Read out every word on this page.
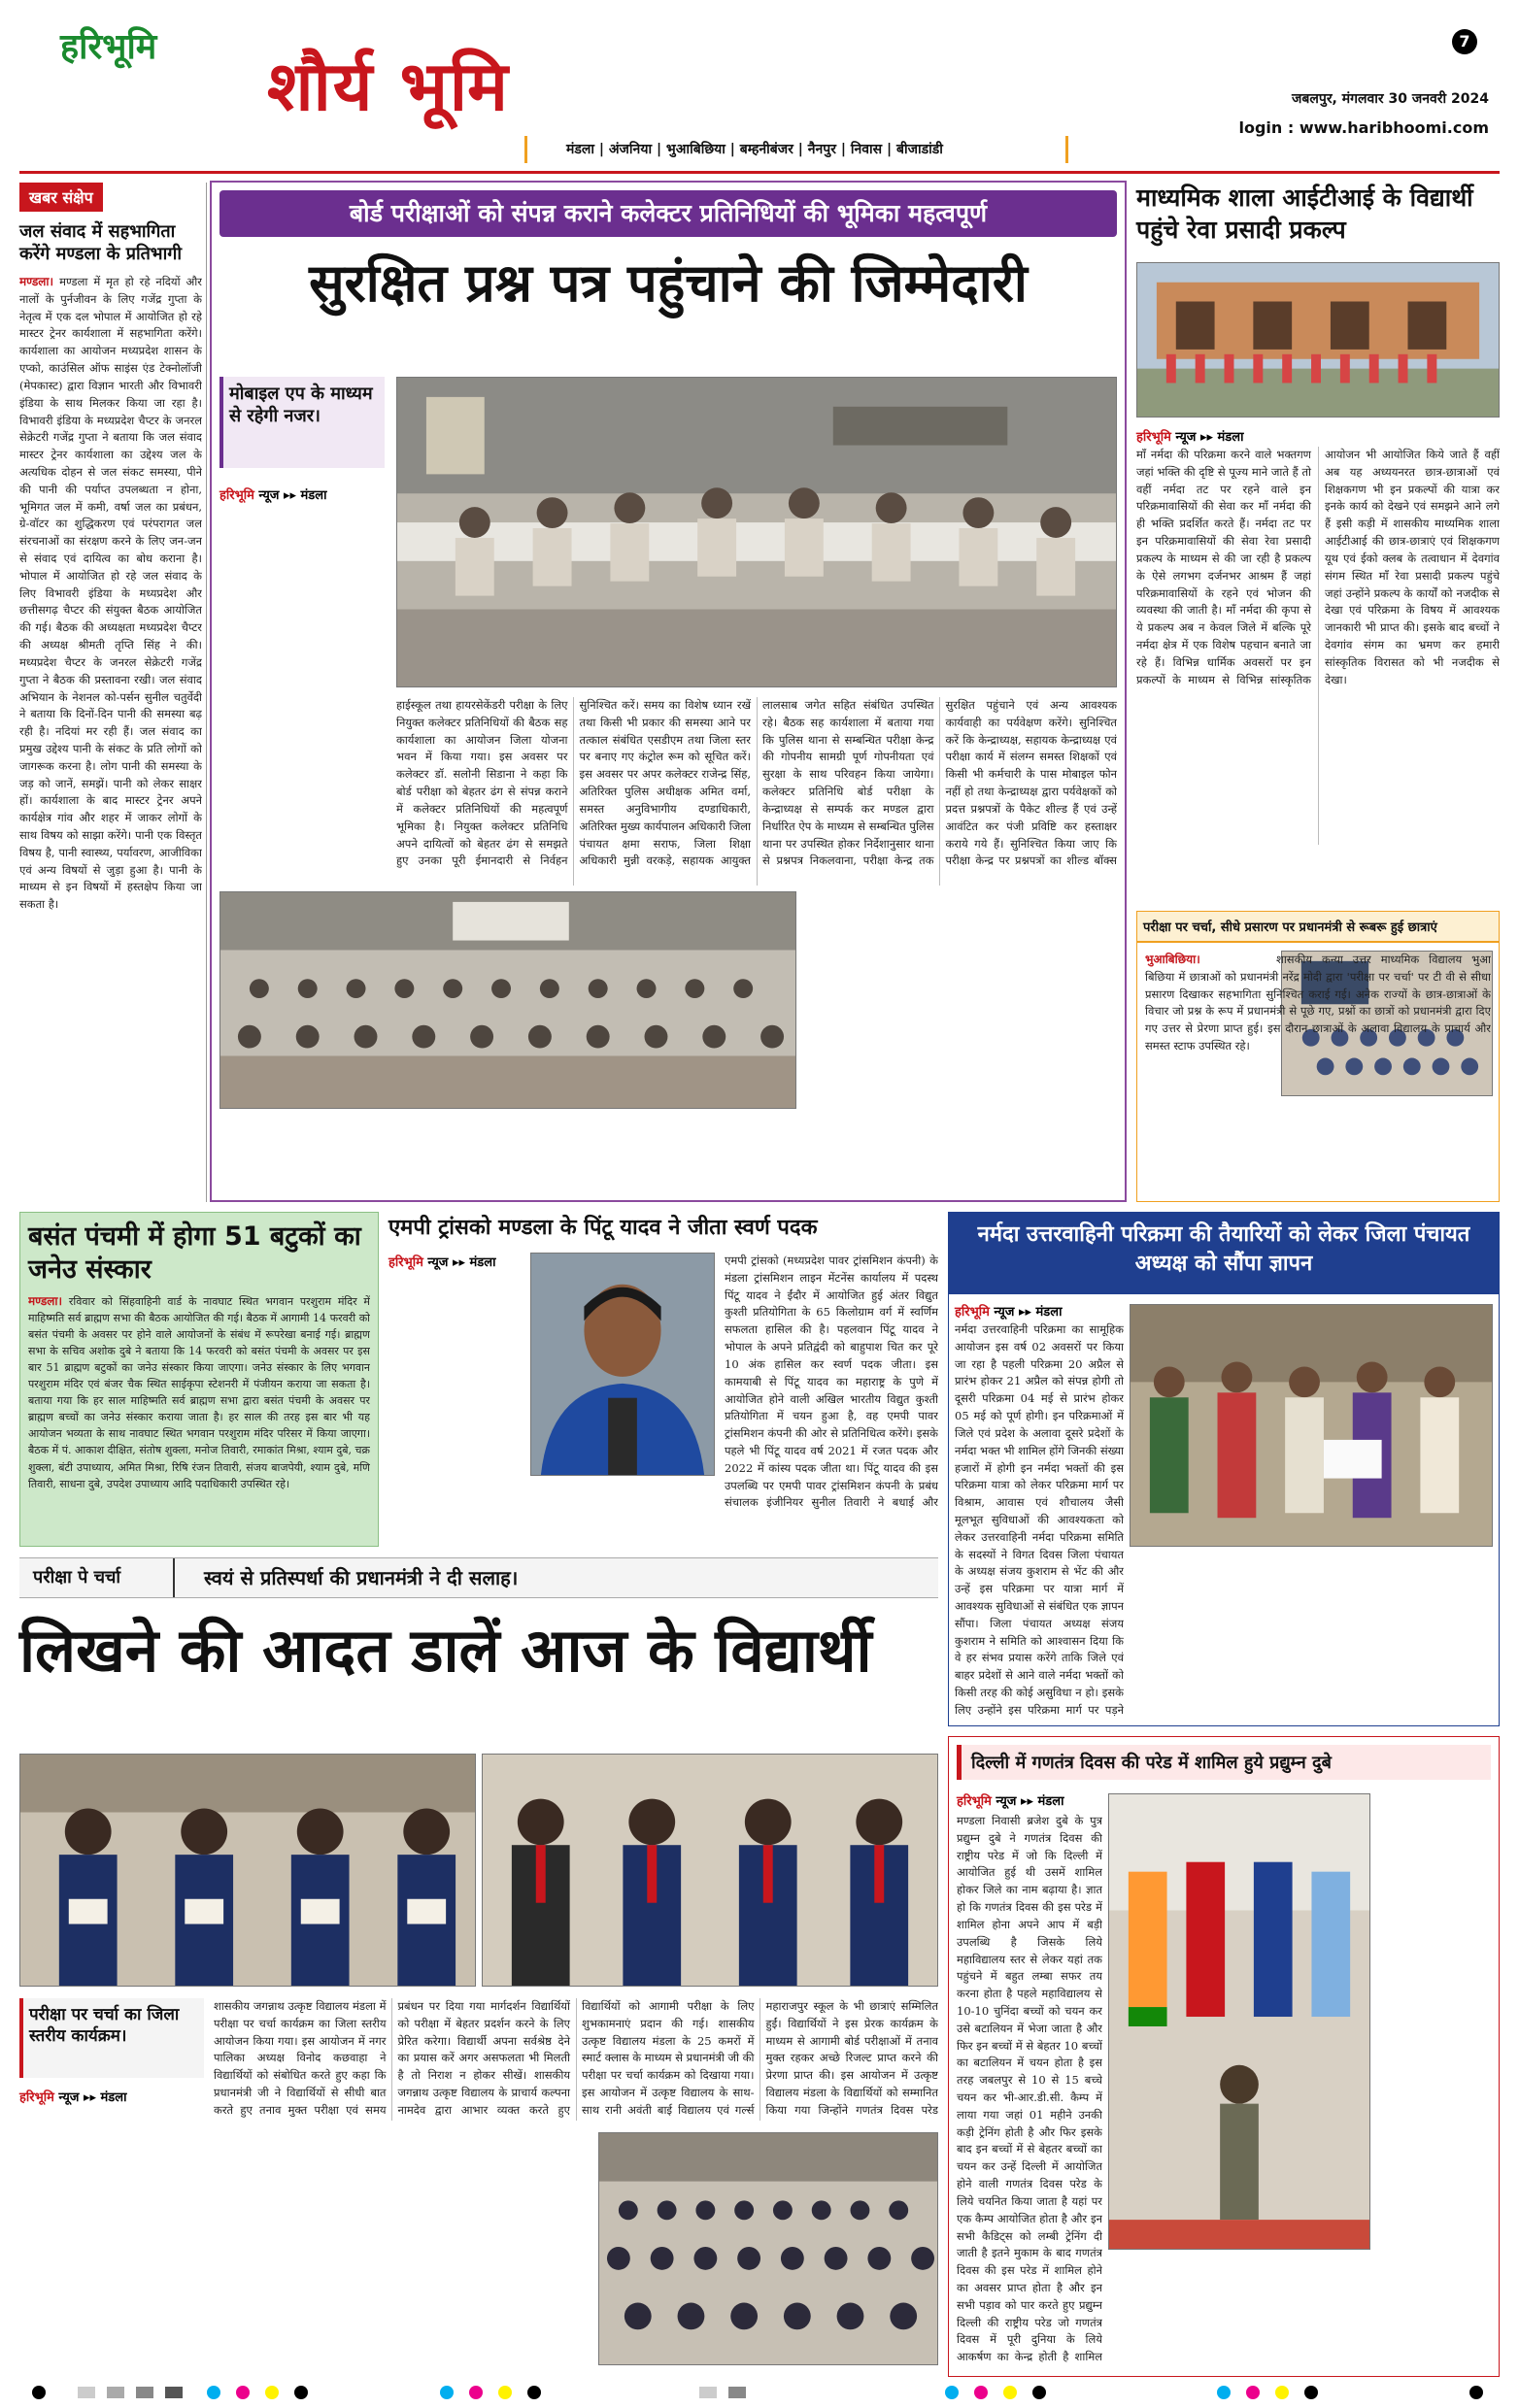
हरिभूमि शौर्य भूमि
7
जबलपुर, मंगलवार 30 जनवरी 2024
login : www.haribhoomi.com
मंडला | अंजनिया | भुआबिछिया | बम्हनीबंजर | नैनपुर | निवास | बीजाडांडी
खबर संक्षेप
जल संवाद में सहभागिता करेंगे मण्डला के प्रतिभागी
मण्डला। मण्डला में मृत हो रहे नदियों और नालों के पुर्नजीवन के लिए गजेंद्र गुप्ता के नेतृत्व में एक दल भोपाल में आयोजित हो रहे मास्टर ट्रेनर कार्यशाला में सहभागिता करेंगे। कार्यशाला का आयोजन मध्यप्रदेश शासन के एप्को, काउंसिल ऑफ साइंस एंड टेक्नोलॉजी (मेपकास्ट) द्वारा विज्ञान भारती और विभावरी इंडिया के साथ मिलकर किया जा रहा है। विभावरी इंडिया के मध्यप्रदेश चैप्टर के जनरल सेक्रेटरी गजेंद्र गुप्ता ने बताया कि जल संवाद मास्टर ट्रेनर कार्यशाला का उद्देश्य जल के अत्यधिक दोहन से जल संकट समस्या, पीने की पानी की पर्याप्त उपलब्धता न होना, भूमिगत जल में कमी, वर्षा जल का प्रबंधन, ग्रे-वॉटर का शुद्धिकरण एवं परंपरागत जल संरचनाओं का संरक्षण करने के लिए जन-जन से संवाद एवं दायित्व का बोध कराना है। भोपाल में आयोजित हो रहे जल संवाद के लिए विभावरी इंडिया के मध्यप्रदेश और छत्तीसगढ़ चैप्टर की संयुक्त बैठक आयोजित की गई। बैठक की अध्यक्षता मध्यप्रदेश चैप्टर की अध्यक्ष श्रीमती तृप्ति सिंह ने की। मध्यप्रदेश चैप्टर के जनरल सेक्रेटरी गजेंद्र गुप्ता ने बैठक की प्रस्तावना रखी। जल संवाद अभियान के नेशनल को-पर्सन सुनील चतुर्वेदी ने बताया कि दिनों-दिन पानी की समस्या बढ़ रही है। नदियां मर रही हैं। जल संवाद का प्रमुख उद्देश्य पानी के संकट के प्रति लोगों को जागरूक करना है। लोग पानी की समस्या के जड़ को जानें, समझें। पानी को लेकर साक्षर हों। कार्यशाला के बाद मास्टर ट्रेनर अपने कार्यक्षेत्र गांव और शहर में जाकर लोगों के साथ विषय को साझा करेंगे। पानी एक विस्तृत विषय है, पानी स्वास्थ्य, पर्यावरण, आजीविका एवं अन्य विषयों से जुड़ा हुआ है। पानी के माध्यम से इन विषयों में हस्तक्षेप किया जा सकता है।
बोर्ड परीक्षाओं को संपन्न कराने कलेक्टर प्रतिनिधियों की भूमिका महत्वपूर्ण
सुरक्षित प्रश्न पत्र पहुंचाने की जिम्मेदारी
मोबाइल एप के माध्यम से रहेगी नजर।
हरिभूमि न्यूज ▸▸ मंडला
हाईस्कूल तथा हायरसेकेंडरी परीक्षा के लिए नियुक्त कलेक्टर प्रतिनिधियों की बैठक सह कार्यशाला का आयोजन जिला योजना भवन में किया गया। इस अवसर पर कलेक्टर डॉ. सलोनी सिडाना ने कहा कि बोर्ड परीक्षा को बेहतर ढंग से संपन्न कराने में कलेक्टर प्रतिनिधियों की महत्वपूर्ण भूमिका है। नियुक्त कलेक्टर प्रतिनिधि अपने दायित्वों को बेहतर ढंग से समझते हुए उनका पूरी ईमानदारी से निर्वहन सुनिश्चित करें। समय का विशेष ध्यान रखें तथा किसी भी प्रकार की समस्या आने पर तत्काल संबंधित एसडीएम तथा जिला स्तर पर बनाए गए कंट्रोल रूम को सूचित करें। इस अवसर पर अपर कलेक्टर राजेन्द्र सिंह, अतिरिक्त पुलिस अधीक्षक अमित वर्मा, समस्त अनुविभागीय दण्डाधिकारी, अतिरिक्त मुख्य कार्यपालन अधिकारी जिला पंचायत क्षमा सराफ, जिला शिक्षा अधिकारी मुन्नी वरकड़े, सहायक आयुक्त लालसाब जगेत सहित संबंधित उपस्थित रहे। बैठक सह कार्यशाला में बताया गया कि पुलिस थाना से सम्बन्धित परीक्षा केन्द्र की गोपनीय सामग्री पूर्ण गोपनीयता एवं सुरक्षा के साथ परिवहन किया जायेगा। कलेक्टर प्रतिनिधि बोर्ड परीक्षा के केन्द्राध्यक्ष से सम्पर्क कर मण्डल द्वारा निर्धारित ऐप के माध्यम से सम्बन्धित पुलिस थाना पर उपस्थित होकर निर्देशानुसार थाना से प्रश्नपत्र निकलवाना, परीक्षा केन्द्र तक सुरक्षित पहुंचाने एवं अन्य आवश्यक कार्यवाही का पर्यवेक्षण करेंगे। सुनिश्चित करें कि केन्द्राध्यक्ष, सहायक केन्द्राध्यक्ष एवं परीक्षा कार्य में संलग्न समस्त शिक्षकों एवं किसी भी कर्मचारी के पास मोबाइल फोन नहीं हो तथा केन्द्राध्यक्ष द्वारा पर्यवेक्षकों को प्रदत्त प्रश्नपत्रों के पैकेट शील्ड हैं एवं उन्हें आवंटित कर पंजी प्रविष्टि कर हस्ताक्षर कराये गये हैं। सुनिश्चित किया जाए कि परीक्षा केन्द्र पर प्रश्नपत्रों का शील्ड बॉक्स
माध्यमिक शाला आईटीआई के विद्यार्थी पहुंचे रेवा प्रसादी प्रकल्प
हरिभूमि न्यूज ▸▸ मंडला
माँ नर्मदा की परिक्रमा करने वाले भक्तगण जहां भक्ति की दृष्टि से पूज्य माने जाते हैं तो वहीं नर्मदा तट पर रहने वाले इन परिक्रमावासियों की सेवा कर माँ नर्मदा की ही भक्ति प्रदर्शित करते हैं। नर्मदा तट पर इन परिक्रमावासियों की सेवा रेवा प्रसादी प्रकल्प के माध्यम से की जा रही है प्रकल्प के ऐसे लगभग दर्जनभर आश्रम हैं जहां परिक्रमावासियों के रहने एवं भोजन की व्यवस्था की जाती है। माँ नर्मदा की कृपा से ये प्रकल्प अब न केवल जिले में बल्कि पूरे नर्मदा क्षेत्र में एक विशेष पहचान बनाते जा रहे हैं। विभिन्न धार्मिक अवसरों पर इन प्रकल्पों के माध्यम से विभिन्न सांस्कृतिक आयोजन भी आयोजित किये जाते हैं वहीं अब यह अध्ययनरत छात्र-छात्राओं एवं शिक्षकगण भी इन प्रकल्पों की यात्रा कर इनके कार्य को देखने एवं समझने आने लगे हैं इसी कड़ी में शासकीय माध्यमिक शाला आईटीआई की छात्र-छात्राएं एवं शिक्षकगण यूथ एवं ईको क्लब के तत्वाधान में देवगांव संगम स्थित माँ रेवा प्रसादी प्रकल्प पहुंचे जहां उन्होंने प्रकल्प के कार्यों को नजदीक से देखा एवं परिक्रमा के विषय में आवश्यक जानकारी भी प्राप्त की। इसके बाद बच्चों ने देवगांव संगम का भ्रमण कर हमारी सांस्कृतिक विरासत को भी नजदीक से देखा।
परीक्षा पर चर्चा, सीधे प्रसारण पर प्रधानमंत्री से रूबरू हुई छात्राएं
भुआबिछिया।	शासकीय कन्या उत्तर माध्यमिक विद्यालय भुआ बिछिया में छात्राओं को प्रधानमंत्री नरेंद्र मोदी द्वारा 'परीक्षा पर चर्चा' पर टी वी से सीधा प्रसारण दिखाकर सहभागिता सुनिश्चित कराई गई। अनेक राज्यों के छात्र-छात्राओं के विचार जो प्रश्न के रूप में प्रधानमंत्री से पूछे गए, प्रश्नों का छात्रों को प्रधानमंत्री द्वारा दिए गए उत्तर से प्रेरणा प्राप्त हुई। इस दौरान छात्राओं के अलावा विद्यालय के प्राचार्य और समस्त स्टाफ उपस्थित रहे।
बसंत पंचमी में होगा 51 बटुकों का जनेउ संस्कार
मण्डला। रविवार को सिंहवाहिनी वार्ड के नावघाट स्थित भगवान परशुराम मंदिर में माहिष्मति सर्व ब्राह्मण सभा की बैठक आयोजित की गई। बैठक में आगामी 14 फरवरी को बसंत पंचमी के अवसर पर होने वाले आयोजनों के संबंध में रूपरेखा बनाई गई। ब्राह्मण सभा के सचिव अशोक दुबे ने बताया कि 14 फरवरी को बसंत पंचमी के अवसर पर इस बार 51 ब्राह्मण बटुकों का जनेउ संस्कार किया जाएगा। जनेउ संस्कार के लिए भगवान परशुराम मंदिर एवं बंजर चैक स्थित साईकृपा स्टेशनरी में पंजीयन कराया जा सकता है। बताया गया कि हर साल माहिष्मति सर्व ब्राह्मण सभा द्वारा बसंत पंचमी के अवसर पर ब्राह्मण बच्चों का जनेउ संस्कार कराया जाता है। हर साल की तरह इस बार भी यह आयोजन भव्यता के साथ नावघाट स्थित भगवान परशुराम मंदिर परिसर में किया जाएगा। बैठक में पं. आकाश दीक्षित, संतोष शुक्ला, मनोज तिवारी, रमाकांत मिश्रा, श्याम दुबे, चक्र शुक्ला, बंटी उपाध्याय, अमित मिश्रा, रिषि रंजन तिवारी, संजय बाजपेयी, श्याम दुबे, मणि तिवारी, साधना दुबे, उपदेश उपाध्याय आदि पदाधिकारी उपस्थित रहे।
एमपी ट्रांसको मण्डला के पिंटू यादव ने जीता स्वर्ण पदक
हरिभूमि न्यूज ▸▸ मंडला	एमपी ट्रांसको (मध्यप्रदेश पावर ट्रांसमिशन कंपनी) के मंडला ट्रांसमिशन लाइन मेंटनेंस कार्यालय में पदस्थ पिंटू यादव ने ईंदौर में आयोजित हुई अंतर विद्युत कुश्ती प्रतियोगिता के 65 किलोग्राम वर्ग में स्वर्णिम सफलता हासिल की है। पहलवान पिंटू यादव ने भोपाल के अपने प्रतिद्वंदी को बाहुपाश चित कर पूरे 10 अंक हासिल कर स्वर्ण पदक जीता। इस कामयाबी से पिंटू यादव का महाराष्ट्र के पुणे में आयोजित होने वाली अखिल भारतीय विद्युत कुश्ती प्रतियोगिता में चयन हुआ है, वह एमपी पावर ट्रांसमिशन कंपनी की ओर से प्रतिनिधित्व करेंगे। इसके पहले भी पिंटू यादव वर्ष 2021 में रजत पदक और 2022 में कांस्य पदक जीता था। पिंटू यादव की इस उपलब्धि पर एमपी पावर ट्रांसमिशन कंपनी के प्रबंध संचालक इंजीनियर सुनील तिवारी ने बधाई और
नर्मदा उत्तरवाहिनी परिक्रमा की तैयारियों को लेकर जिला पंचायत अध्यक्ष को सौंपा ज्ञापन
हरिभूमि न्यूज ▸▸ मंडला
नर्मदा उत्तरवाहिनी परिक्रमा का सामूहिक आयोजन इस वर्ष 02 अवसरों पर किया जा रहा है पहली परिक्रमा 20 अप्रैल से प्रारंभ होकर 21 अप्रैल को संपन्न होगी तो दूसरी परिक्रमा 04 मई से प्रारंभ होकर 05 मई को पूर्ण होगी। इन परिक्रमाओं में जिले एवं प्रदेश के अलावा दूसरे प्रदेशों के नर्मदा भक्त भी शामिल होंगे जिनकी संख्या हजारों में होगी इन नर्मदा भक्तों की इस परिक्रमा यात्रा को लेकर परिक्रमा मार्ग पर विश्राम, आवास एवं शौचालय जैसी मूलभूत सुविधाओं की आवश्यकता को लेकर उत्तरवाहिनी नर्मदा परिक्रमा समिति के सदस्यों ने विगत दिवस जिला पंचायत के अध्यक्ष संजय कुशराम से भेंट की और उन्हें इस परिक्रमा पर यात्रा मार्ग में आवश्यक सुविधाओं से संबंधित एक ज्ञापन सौंपा। जिला पंचायत अध्यक्ष संजय कुशराम ने समिति को आश्वासन दिया कि वे हर संभव प्रयास करेंगे ताकि जिले एवं बाहर प्रदेशों से आने वाले नर्मदा भक्तों को किसी तरह की कोई असुविधा न हो। इसके लिए उन्होंने इस परिक्रमा मार्ग पर पड़ने
परीक्षा पे चर्चा	स्वयं से प्रतिस्पर्धा की प्रधानमंत्री ने दी सलाह।
लिखने की आदत डालें आज के विद्यार्थी
परीक्षा पर चर्चा का जिला स्तरीय कार्यक्रम।
हरिभूमि न्यूज ▸▸ मंडला
शासकीय जगन्नाथ उत्कृष्ट विद्यालय मंडला में परीक्षा पर चर्चा कार्यक्रम का जिला स्तरीय आयोजन किया गया। इस आयोजन में नगर पालिका अध्यक्ष विनोद कछवाहा ने विद्यार्थियों को संबोधित करते हुए कहा कि प्रधानमंत्री जी ने विद्यार्थियों से सीधी बात करते हुए तनाव मुक्त परीक्षा एवं समय प्रबंधन पर दिया गया मार्गदर्शन विद्यार्थियों को परीक्षा में बेहतर प्रदर्शन करने के लिए प्रेरित करेगा। विद्यार्थी अपना सर्वश्रेष्ठ देने का प्रयास करें अगर असफलता भी मिलती है तो निराश न होकर सीखें। शासकीय जगन्नाथ उत्कृष्ट विद्यालय के प्राचार्य कल्पना नामदेव द्वारा आभार व्यक्त करते हुए विद्यार्थियों को आगामी परीक्षा के लिए शुभकामनाएं प्रदान की गई। शासकीय उत्कृष्ट विद्यालय मंडला के 25 कमरों में स्मार्ट क्लास के माध्यम से प्रधानमंत्री जी की परीक्षा पर चर्चा कार्यक्रम को दिखाया गया। इस आयोजन में उत्कृष्ट विद्यालय के साथ-साथ रानी अवंती बाई विद्यालय एवं गर्ल्स महाराजपुर स्कूल के भी छात्राएं सम्मिलित हुईं। विद्यार्थियों ने इस प्रेरक कार्यक्रम के माध्यम से आगामी बोर्ड परीक्षाओं में तनाव मुक्त रहकर अच्छे रिजल्ट प्राप्त करने की प्रेरणा प्राप्त की। इस आयोजन में उत्कृष्ट विद्यालय मंडला के विद्यार्थियों को सम्मानित किया गया जिन्होंने गणतंत्र दिवस परेड
दिल्ली में गणतंत्र दिवस की परेड में शामिल हुये प्रद्युम्न दुबे
हरिभूमि न्यूज ▸▸ मंडला
मण्डला निवासी ब्रजेश दुबे के पुत्र प्रद्युम्न दुबे ने गणतंत्र दिवस की राष्ट्रीय परेड में जो कि दिल्ली में आयोजित हुई थी उसमें शामिल होकर जिले का नाम बढ़ाया है। ज्ञात हो कि गणतंत्र दिवस की इस परेड में शामिल होना अपने आप में बड़ी उपलब्धि है जिसके लिये महाविद्यालय स्तर से लेकर यहां तक पहुंचने में बहुत लम्बा सफर तय करना होता है पहले महाविद्यालय से 10-10 चुनिंदा बच्चों को चयन कर उसे बटालियन में भेजा जाता है और फिर इन बच्चों में से बेहतर 10 बच्चों का बटालियन में चयन होता है इस तरह जबलपुर से 10 से 15 बच्चे चयन कर भी-आर.डी.सी. कैम्प में लाया गया जहां 01 महीने उनकी कड़ी ट्रेनिंग होती है और फिर इसके बाद इन बच्चों में से बेहतर बच्चों का चयन कर उन्हें दिल्ली में आयोजित होने वाली गणतंत्र दिवस परेड के लिये चयनित किया जाता है यहां पर एक कैम्प आयोजित होता है और इन सभी कैडिट्स को लम्बी ट्रेनिंग दी जाती है इतने मुकाम के बाद गणतंत्र दिवस की इस परेड में शामिल होने का अवसर प्राप्त होता है और इन सभी पड़ाव को पार करते हुए प्रद्युम्न दिल्ली की राष्ट्रीय परेड जो गणतंत्र दिवस में पूरी दुनिया के लिये आकर्षण का केन्द्र होती है शामिल
